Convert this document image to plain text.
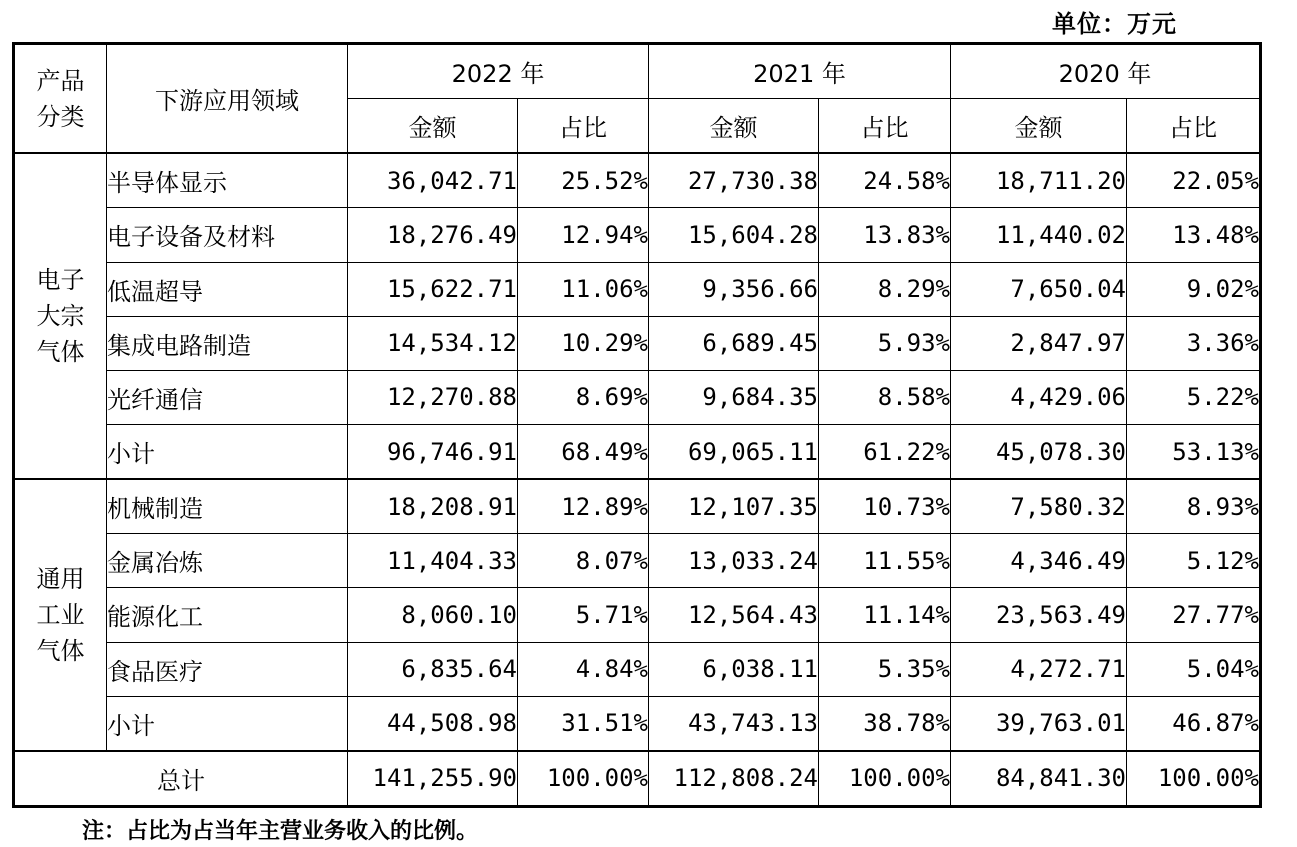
单位：万元
产品
分类	下游应用领域	2022 年		2021 年		2020 年	
		金额	占比	金额	占比	金额	占比
电子
大宗
气体	半导体显示	36,042.71	25.52%	27,730.38	24.58%	18,711.20	22.05%
	电子设备及材料	18,276.49	12.94%	15,604.28	13.83%	11,440.02	13.48%
	低温超导	15,622.71	11.06%	9,356.66	8.29%	7,650.04	9.02%
	集成电路制造	14,534.12	10.29%	6,689.45	5.93%	2,847.97	3.36%
	光纤通信	12,270.88	8.69%	9,684.35	8.58%	4,429.06	5.22%
	小计	96,746.91	68.49%	69,065.11	61.22%	45,078.30	53.13%
通用
工业
气体	机械制造	18,208.91	12.89%	12,107.35	10.73%	7,580.32	8.93%
	金属冶炼	11,404.33	8.07%	13,033.24	11.55%	4,346.49	5.12%
	能源化工	8,060.10	5.71%	12,564.43	11.14%	23,563.49	27.77%
	食品医疗	6,835.64	4.84%	6,038.11	5.35%	4,272.71	5.04%
	小计	44,508.98	31.51%	43,743.13	38.78%	39,763.01	46.87%
总计		141,255.90	100.00%	112,808.24	100.00%	84,841.30	100.00%
注：占比为占当年主营业务收入的比例。
